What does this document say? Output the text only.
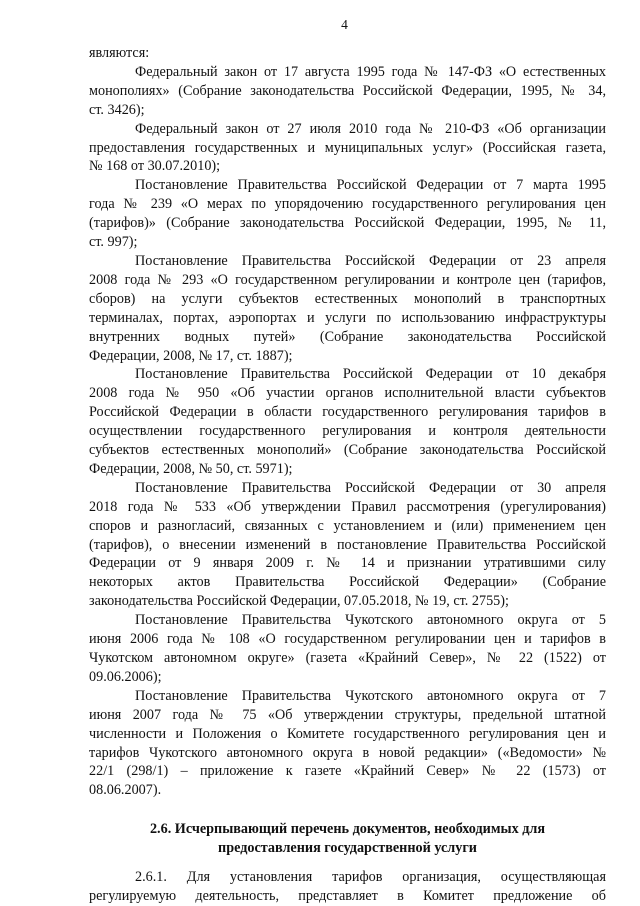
4
являются:
Федеральный закон от 17 августа 1995 года № 147-ФЗ «О естественных
монополиях» (Собрание законодательства Российской Федерации, 1995, № 34,
ст. 3426);
Федеральный закон от 27 июля 2010 года № 210-ФЗ «Об организации
предоставления государственных и муниципальных услуг» (Российская газета,
№ 168 от 30.07.2010);
Постановление Правительства Российской Федерации от 7 марта 1995
года № 239 «О мерах по упорядочению государственного регулирования цен
(тарифов)» (Собрание законодательства Российской Федерации, 1995, № 11,
ст. 997);
Постановление Правительства Российской Федерации от 23 апреля
2008 года № 293 «О государственном регулировании и контроле цен (тарифов,
сборов) на услуги субъектов естественных монополий в транспортных
терминалах, портах, аэропортах и услуги по использованию инфраструктуры
внутренних водных путей» (Собрание законодательства Российской
Федерации, 2008, № 17, ст. 1887);
Постановление Правительства Российской Федерации от 10 декабря
2008 года № 950 «Об участии органов исполнительной власти субъектов
Российской Федерации в области государственного регулирования тарифов в
осуществлении государственного регулирования и контроля деятельности
субъектов естественных монополий» (Собрание законодательства Российской
Федерации, 2008, № 50, ст. 5971);
Постановление Правительства Российской Федерации от 30 апреля
2018 года № 533 «Об утверждении Правил рассмотрения (урегулирования)
споров и разногласий, связанных с установлением и (или) применением цен
(тарифов), о внесении изменений в постановление Правительства Российской
Федерации от 9 января 2009 г. № 14 и признании утратившими силу
некоторых актов Правительства Российской Федерации» (Собрание
законодательства Российской Федерации, 07.05.2018, № 19, ст. 2755);
Постановление Правительства Чукотского автономного округа от 5
июня 2006 года № 108 «О государственном регулировании цен и тарифов в
Чукотском автономном округе» (газета «Крайний Север», № 22 (1522) от
09.06.2006);
Постановление Правительства Чукотского автономного округа от 7
июня 2007 года № 75 «Об утверждении структуры, предельной штатной
численности и Положения о Комитете государственного регулирования цен и
тарифов Чукотского автономного округа в новой редакции» («Ведомости» №
22/1 (298/1) – приложение к газете «Крайний Север» № 22 (1573) от
08.06.2007).
2.6. Исчерпывающий перечень документов, необходимых для
предоставления государственной услуги
2.6.1. Для установления тарифов организация, осуществляющая
регулируемую деятельность, представляет в Комитет предложение об
